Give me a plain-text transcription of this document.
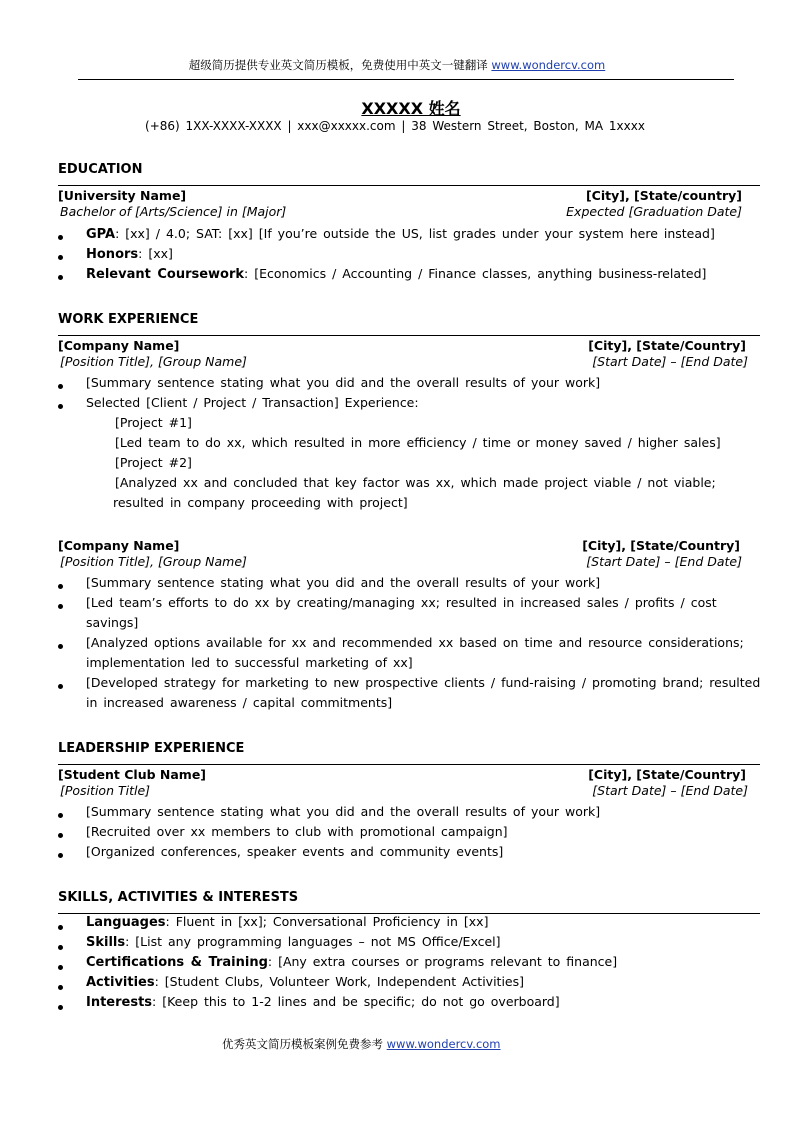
超级简历提供专业英文简历模板，免费使用中英文一键翻译 www.wondercv.com
XXXXX 姓名
(+86) 1XX-XXXX-XXXX | xxx@xxxxx.com | 38 Western Street, Boston, MA 1xxxx
EDUCATION
[University Name]	[City], [State/country]
Bachelor of [Arts/Science] in [Major]	Expected [Graduation Date]
GPA: [xx] / 4.0; SAT: [xx] [If you’re outside the US, list grades under your system here instead]
Honors: [xx]
Relevant Coursework: [Economics / Accounting / Finance classes, anything business-related]
WORK EXPERIENCE
[Company Name]	[City], [State/Country]
[Position Title], [Group Name]	[Start Date] – [End Date]
[Summary sentence stating what you did and the overall results of your work]
Selected [Client / Project / Transaction] Experience:
[Project #1]
[Led team to do xx, which resulted in more efficiency / time or money saved / higher sales]
[Project #2]
[Analyzed xx and concluded that key factor was xx, which made project viable / not viable;
resulted in company proceeding with project]
[Company Name]	[City], [State/Country]
[Position Title], [Group Name]	[Start Date] – [End Date]
[Summary sentence stating what you did and the overall results of your work]
[Led team’s efforts to do xx by creating/managing xx; resulted in increased sales / profits / cost
savings]
[Analyzed options available for xx and recommended xx based on time and resource considerations;
implementation led to successful marketing of xx]
[Developed strategy for marketing to new prospective clients / fund-raising / promoting brand; resulted
in increased awareness / capital commitments]
LEADERSHIP EXPERIENCE
[Student Club Name]	[City], [State/Country]
[Position Title]	[Start Date] – [End Date]
[Summary sentence stating what you did and the overall results of your work]
[Recruited over xx members to club with promotional campaign]
[Organized conferences, speaker events and community events]
SKILLS, ACTIVITIES & INTERESTS
Languages: Fluent in [xx]; Conversational Proficiency in [xx]
Skills: [List any programming languages – not MS Office/Excel]
Certifications & Training: [Any extra courses or programs relevant to finance]
Activities: [Student Clubs, Volunteer Work, Independent Activities]
Interests: [Keep this to 1-2 lines and be specific; do not go overboard]
优秀英文简历模板案例免费参考 www.wondercv.com
